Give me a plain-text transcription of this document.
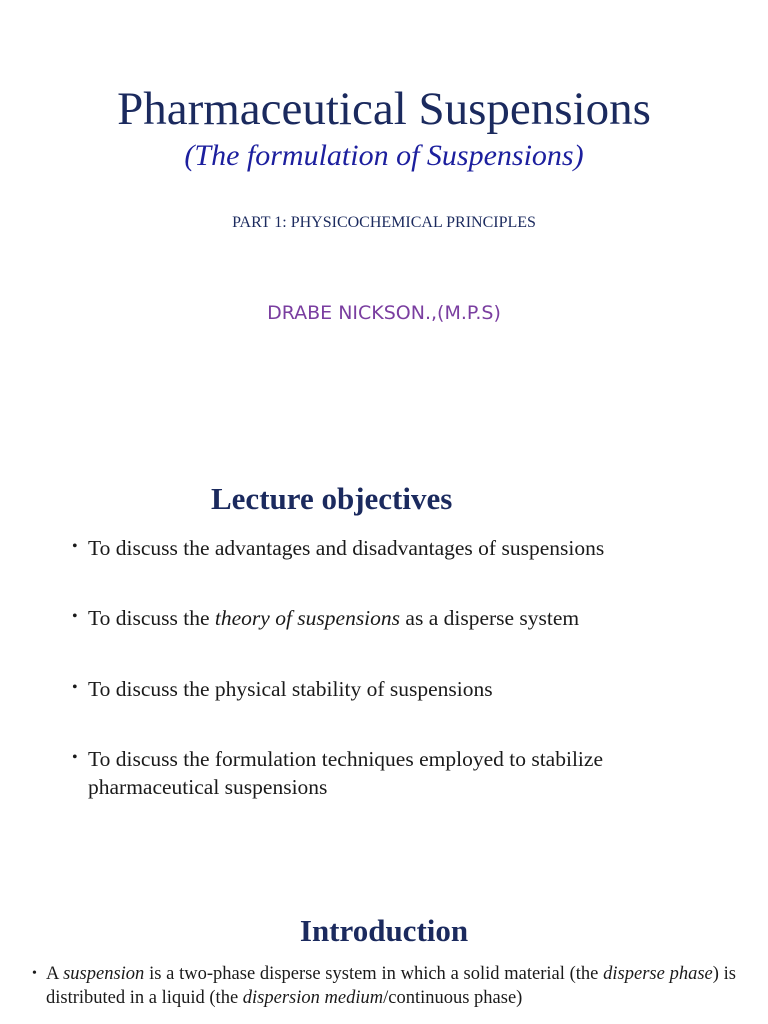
Pharmaceutical Suspensions
(The formulation of Suspensions)
PART 1: PHYSICOCHEMICAL PRINCIPLES
DRABE NICKSON.,(M.P.S)
Lecture objectives
• To discuss the advantages and disadvantages of suspensions
• To discuss the theory of suspensions as a disperse system
• To discuss the physical stability of suspensions
• To discuss the formulation techniques employed to stabilize pharmaceutical suspensions
Introduction
• A suspension is a two-phase disperse system in which a solid material (the disperse phase) is distributed in a liquid (the dispersion medium/continuous phase)
